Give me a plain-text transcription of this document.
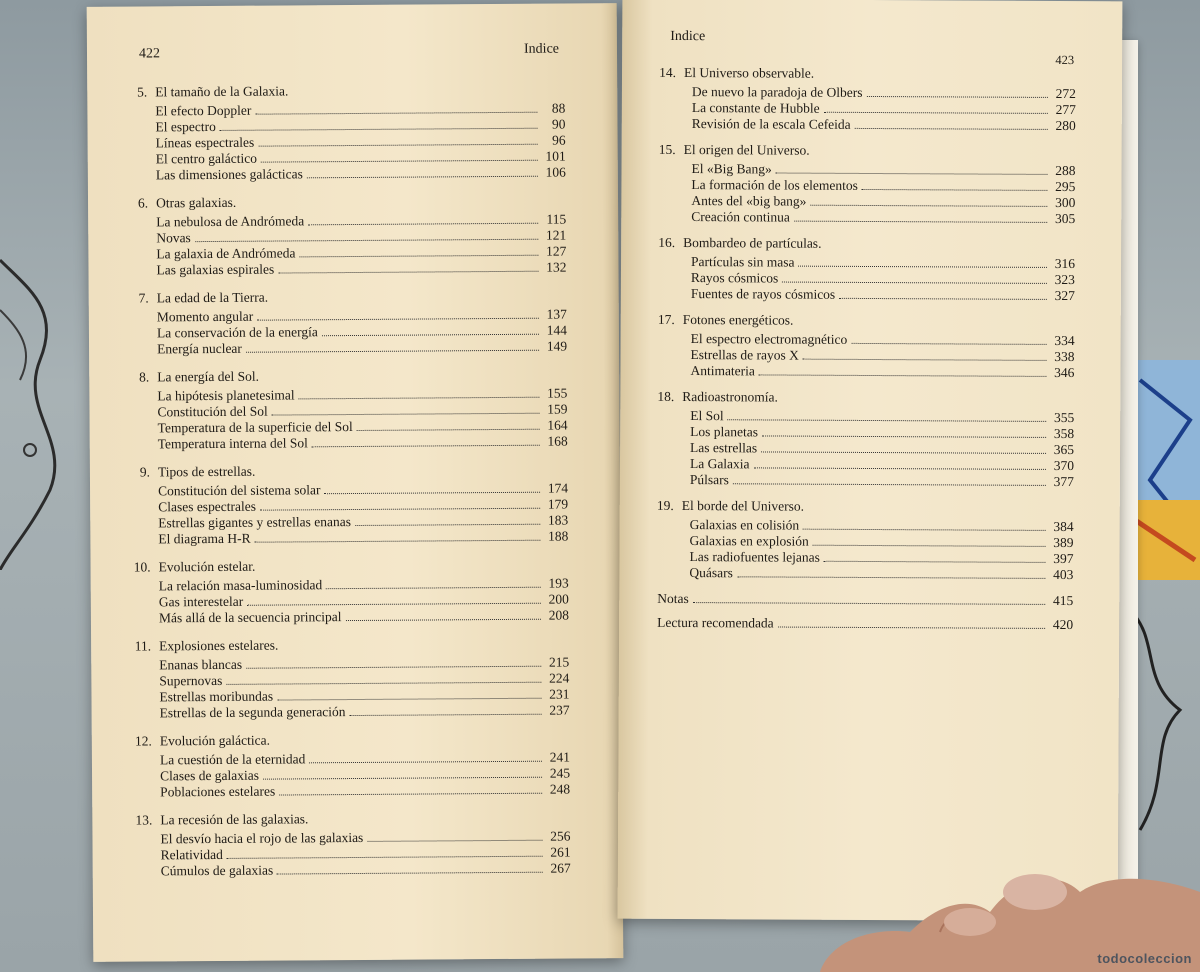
422	Indice
5. El tamaño de la Galaxia.
El efecto Doppler	88
El espectro	90
Líneas espectrales	96
El centro galáctico	101
Las dimensiones galácticas	106
6. Otras galaxias.
La nebulosa de Andrómeda	115
Novas	121
La galaxia de Andrómeda	127
Las galaxias espirales	132
7. La edad de la Tierra.
Momento angular	137
La conservación de la energía	144
Energía nuclear	149
8. La energía del Sol.
La hipótesis planetesimal	155
Constitución del Sol	159
Temperatura de la superficie del Sol	164
Temperatura interna del Sol	168
9. Tipos de estrellas.
Constitución del sistema solar	174
Clases espectrales	179
Estrellas gigantes y estrellas enanas	183
El diagrama H-R	188
10. Evolución estelar.
La relación masa-luminosidad	193
Gas interestelar	200
Más allá de la secuencia principal	208
11. Explosiones estelares.
Enanas blancas	215
Supernovas	224
Estrellas moribundas	231
Estrellas de la segunda generación	237
12. Evolución galáctica.
La cuestión de la eternidad	241
Clases de galaxias	245
Poblaciones estelares	248
13. La recesión de las galaxias.
El desvío hacia el rojo de las galaxias	256
Relatividad	261
Cúmulos de galaxias	267
Indice
423
14. El Universo observable.
De nuevo la paradoja de Olbers	272
La constante de Hubble	277
Revisión de la escala Cefeida	280
15. El origen del Universo.
El «Big Bang»	288
La formación de los elementos	295
Antes del «big bang»	300
Creación continua	305
16. Bombardeo de partículas.
Partículas sin masa	316
Rayos cósmicos	323
Fuentes de rayos cósmicos	327
17. Fotones energéticos.
El espectro electromagnético	334
Estrellas de rayos X	338
Antimateria	346
18. Radioastronomía.
El Sol	355
Los planetas	358
Las estrellas	365
La Galaxia	370
Púlsars	377
19. El borde del Universo.
Galaxias en colisión	384
Galaxias en explosión	389
Las radiofuentes lejanas	397
Quásars	403
Notas	415
Lectura recomendada	420
todocoleccion
